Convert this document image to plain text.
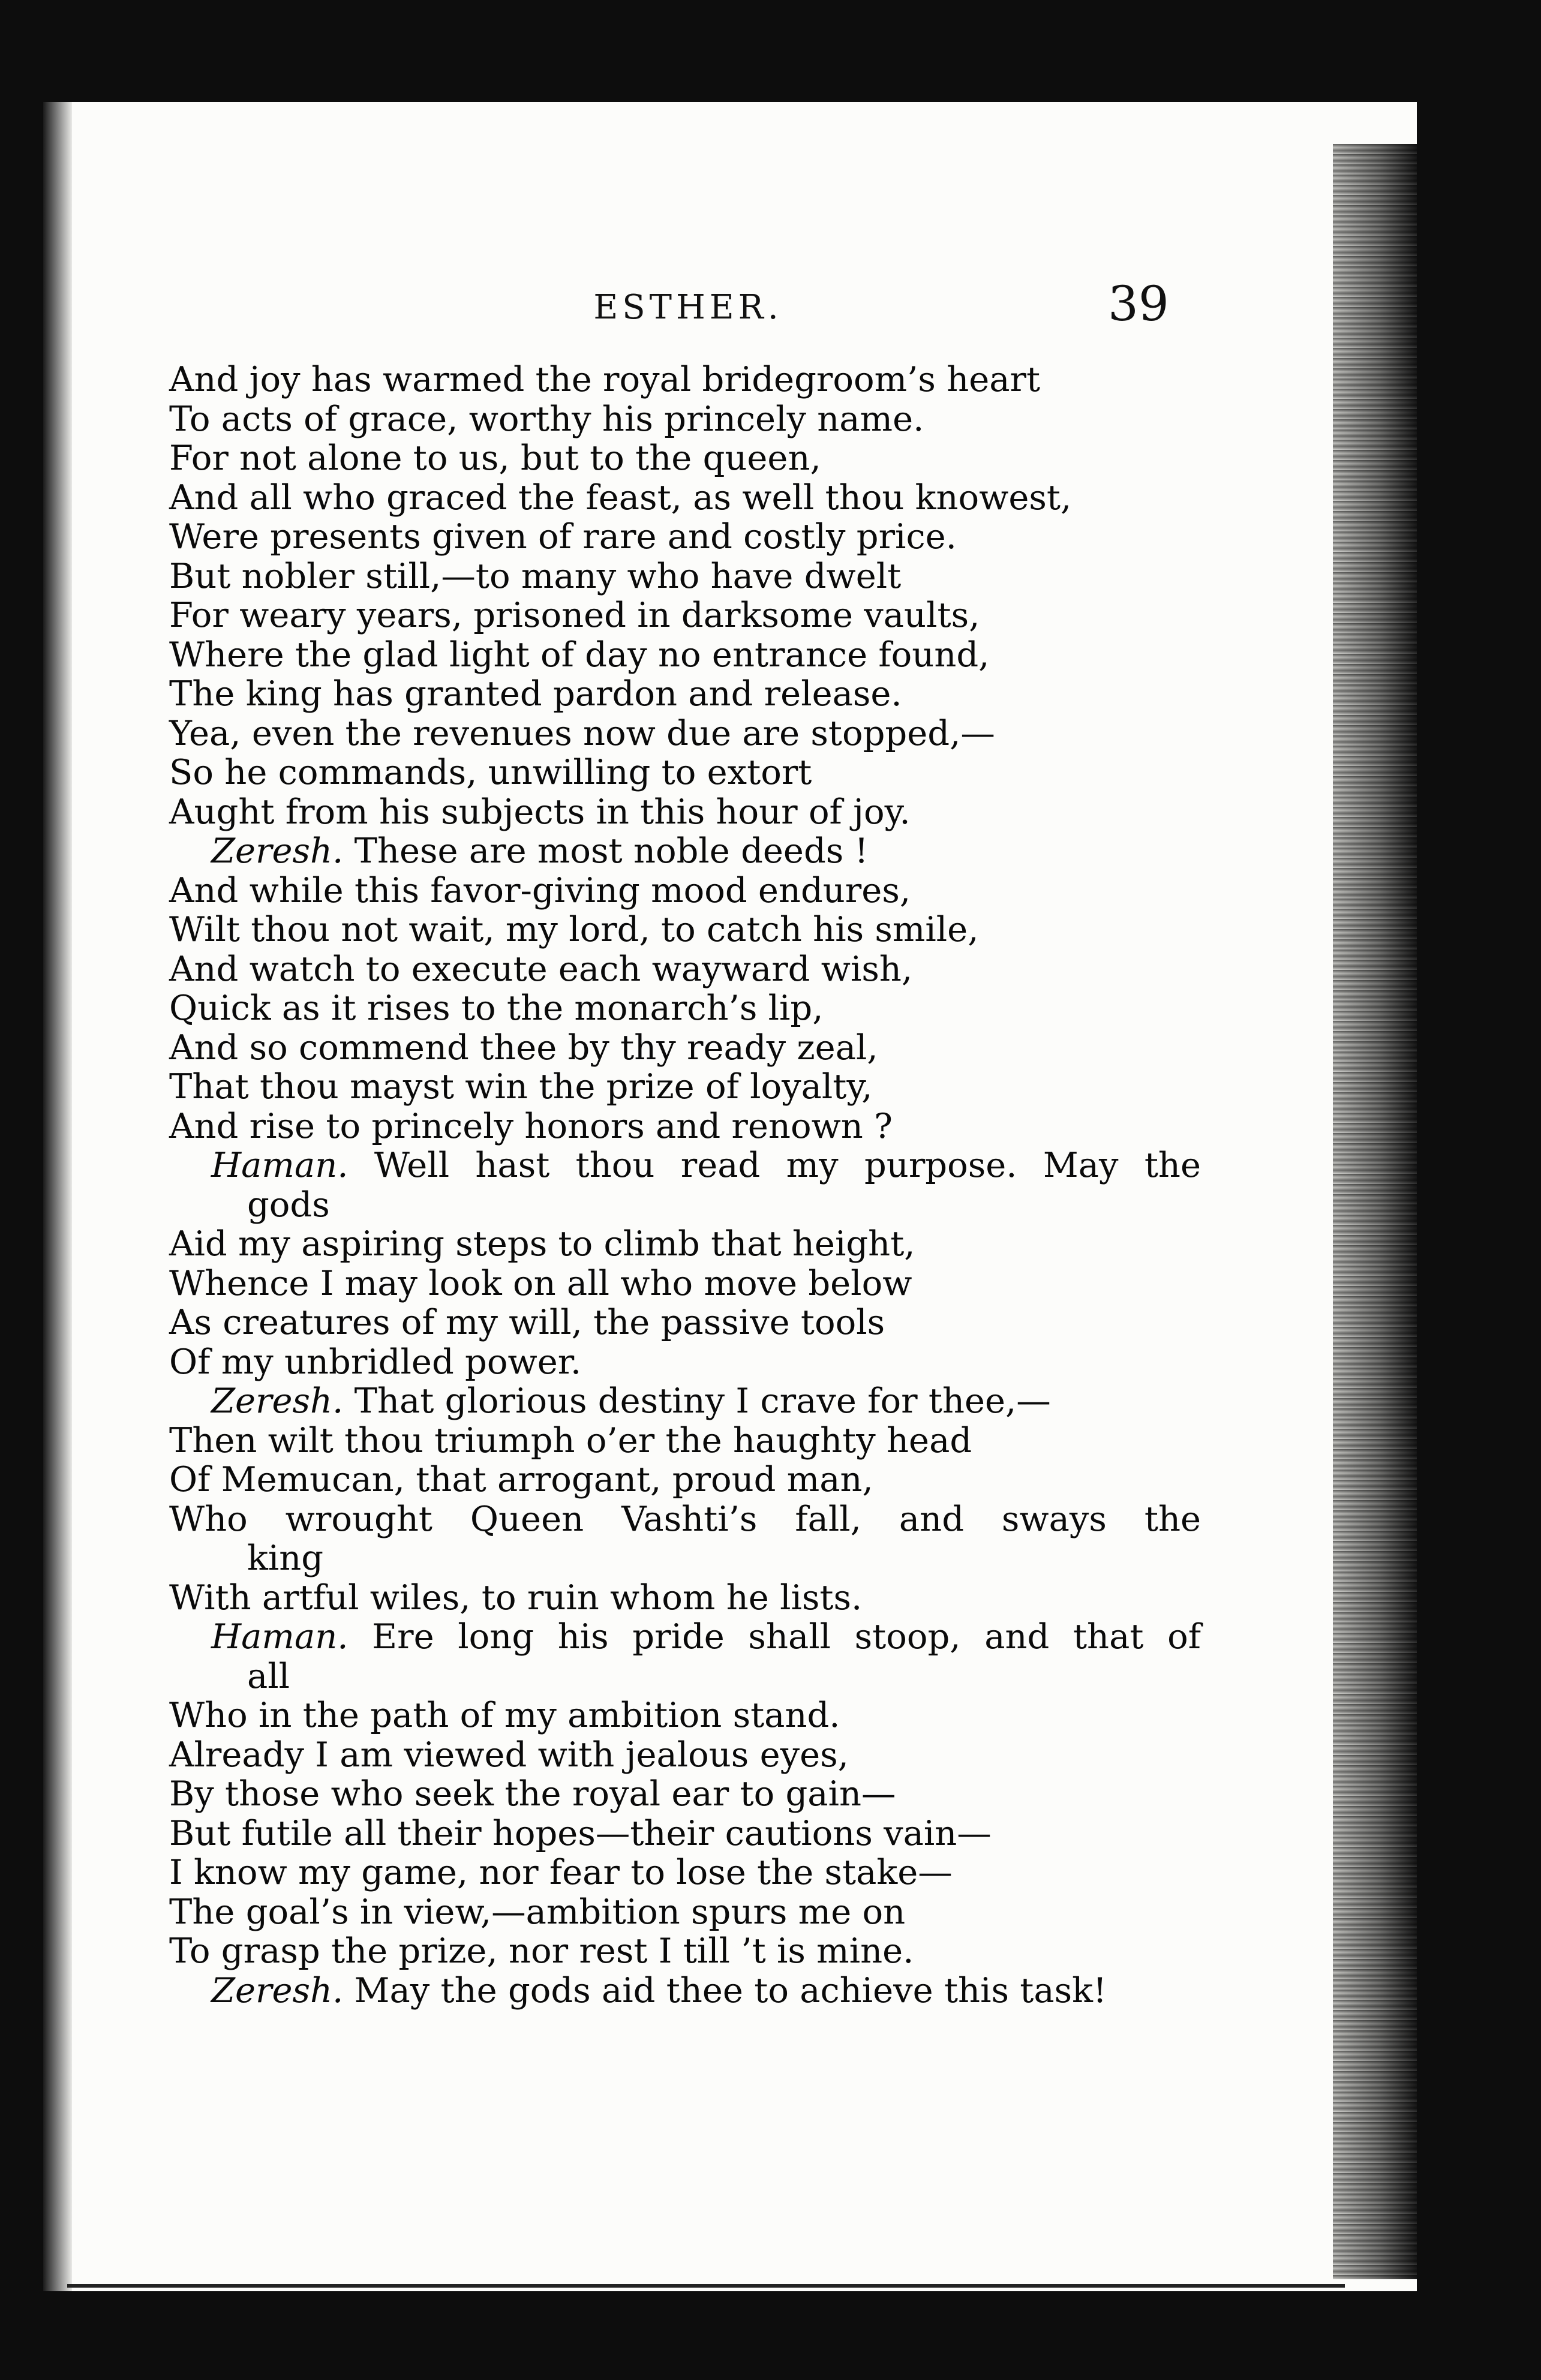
ESTHER.	39
And joy has warmed the royal bridegroom’s heart
To acts of grace, worthy his princely name.
For not alone to us, but to the queen,
And all who graced the feast, as well thou knowest,
Were presents given of rare and costly price.
But nobler still,—to many who have dwelt
For weary years, prisoned in darksome vaults,
Where the glad light of day no entrance found,
The king has granted pardon and release.
Yea, even the revenues now due are stopped,—
So he commands, unwilling to extort
Aught from his subjects in this hour of joy.
Zeresh. These are most noble deeds !
And while this favor-giving mood endures,
Wilt thou not wait, my lord, to catch his smile,
And watch to execute each wayward wish,
Quick as it rises to the monarch’s lip,
And so commend thee by thy ready zeal,
That thou mayst win the prize of loyalty,
And rise to princely honors and renown ?
Haman. Well hast thou read my purpose. May the
gods
Aid my aspiring steps to climb that height,
Whence I may look on all who move below
As creatures of my will, the passive tools
Of my unbridled power.
Zeresh. That glorious destiny I crave for thee,—
Then wilt thou triumph o’er the haughty head
Of Memucan, that arrogant, proud man,
Who wrought Queen Vashti’s fall, and sways the
king
With artful wiles, to ruin whom he lists.
Haman. Ere long his pride shall stoop, and that of
all
Who in the path of my ambition stand.
Already I am viewed with jealous eyes,
By those who seek the royal ear to gain—
But futile all their hopes—their cautions vain—
I know my game, nor fear to lose the stake—
The goal’s in view,—ambition spurs me on
To grasp the prize, nor rest I till ’t is mine.
Zeresh. May the gods aid thee to achieve this task!
